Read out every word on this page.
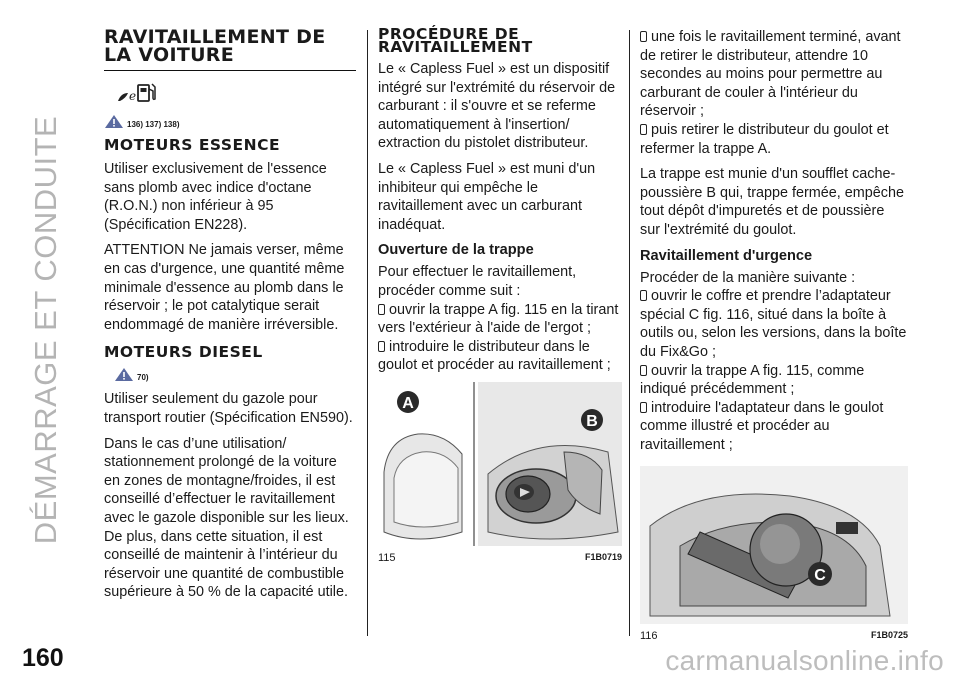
DÉMARRAGE ET CONDUITE
RAVITAILLEMENT DE
LA VOITURE
e
136) 137) 138)
MOTEURS ESSENCE

Utiliser exclusivement de l'essence sans plomb avec indice d'octane (R.O.N.) non inférieur à 95 (Spécification EN228).

ATTENTION Ne jamais verser, même en cas d'urgence, une quantité même minimale d'essence au plomb dans le réservoir ; le pot catalytique serait endommagé de manière irréversible.

MOTEURS DIESEL
70)

Utiliser seulement du gazole pour transport routier (Spécification EN590).

Dans le cas d’une utilisation/ stationnement prolongé de la voiture en zones de montagne/froides, il est conseillé d’effectuer le ravitaillement avec le gazole disponible sur les lieux. De plus, dans cette situation, il est conseillé de maintenir à l’intérieur du réservoir une quantité de combustible supérieure à 50 % de la capacité utile.

PROCÉDURE DE
RAVITAILLEMENT

Le « Capless Fuel » est un dispositif intégré sur l'extrémité du réservoir de carburant : il s'ouvre et se referme automatiquement à l'insertion/ extraction du pistolet distributeur.

Le « Capless Fuel » est muni d'un inhibiteur qui empêche le ravitaillement avec un carburant inadéquat.

Ouverture de la trappe
Pour effectuer le ravitaillement, procéder comme suit :
ouvrir la trappe A fig. 115 en la tirant vers l'extérieur à l'aide de l'ergot ;
introduire le distributeur dans le goulot et procéder au ravitaillement ;
A
B
115	F1B0719
une fois le ravitaillement terminé, avant de retirer le distributeur, attendre 10 secondes au moins pour permettre au carburant de couler à l'intérieur du réservoir ;
puis retirer le distributeur du goulot et refermer la trappe A.

La trappe est munie d'un soufflet cache-poussière B qui, trappe fermée, empêche tout dépôt d'impuretés et de poussière sur l'extrémité du goulot.

Ravitaillement d'urgence
Procéder de la manière suivante :
ouvrir le coffre et prendre l’adaptateur spécial C fig. 116, situé dans la boîte à outils ou, selon les versions, dans la boîte du Fix&Go ;
ouvrir la trappe A fig. 115, comme indiqué précédemment ;
introduire l'adaptateur dans le goulot comme illustré et procéder au ravitaillement ;
C
116	F1B0725
160	carmanualsonline.info
